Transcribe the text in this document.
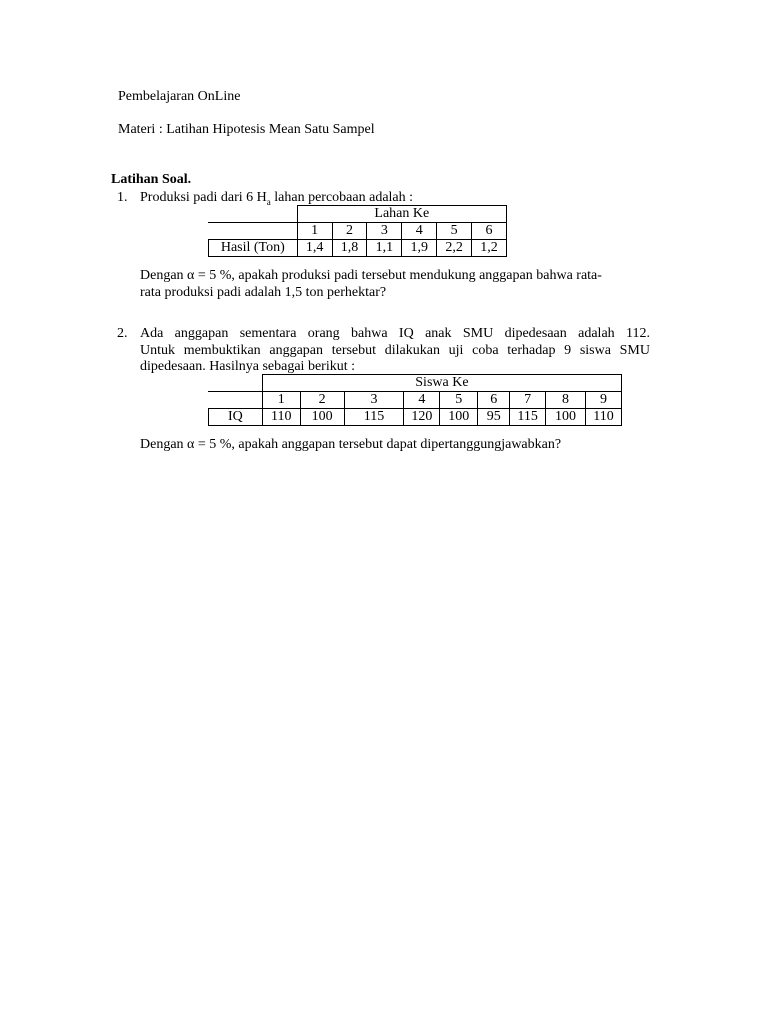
Pembelajaran OnLine
Materi : Latihan Hipotesis Mean Satu Sampel
Latihan Soal.
1. Produksi padi dari 6 $H_a$ lahan percobaan adalah :
	Lahan Ke					
	1	2	3	4	5	6
Hasil (Ton)	1,4	1,8	1,1	1,9	2,2	1,2
Dengan α = 5 %, apakah produksi padi tersebut mendukung anggapan bahwa rata-
rata produksi padi adalah 1,5 ton perhektar?
2. Ada anggapan sementara orang bahwa IQ anak SMU dipedesaan adalah 112.
Untuk membuktikan anggapan tersebut dilakukan uji coba terhadap 9 siswa SMU
dipedesaan. Hasilnya sebagai berikut :
	Siswa Ke								
	1	2	3	4	5	6	7	8	9
IQ	110	100	115	120	100	95	115	100	110
Dengan α = 5 %, apakah anggapan tersebut dapat dipertanggungjawabkan?
